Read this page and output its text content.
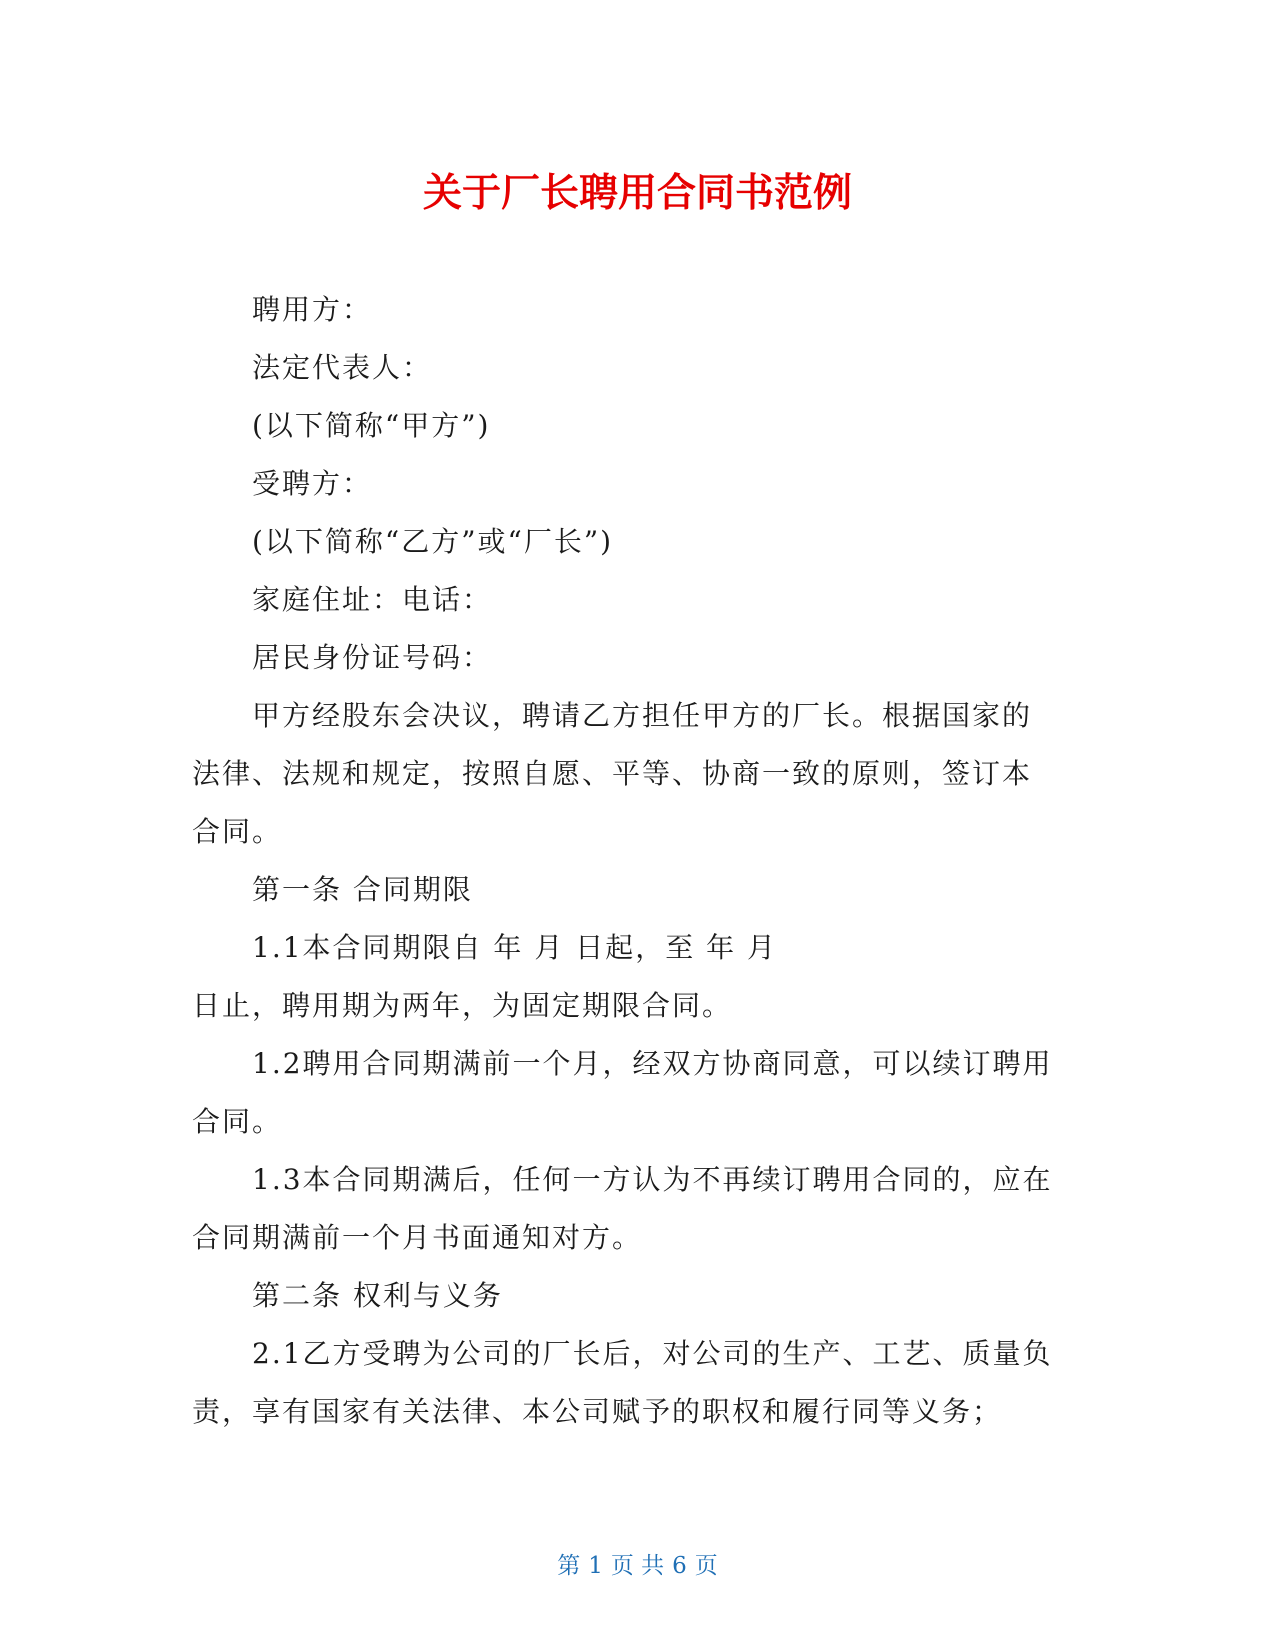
关于厂长聘用合同书范例
聘用方：
法定代表人：
(以下简称“甲方”)
受聘方：
(以下简称“乙方”或“厂长”)
家庭住址：电话：
居民身份证号码：
甲方经股东会决议，聘请乙方担任甲方的厂长。根据国家的
法律、法规和规定，按照自愿、平等、协商一致的原则，签订本
合同。
第一条 合同期限
1.1本合同期限自 年 月 日起，至 年 月
日止，聘用期为两年，为固定期限合同。
1.2聘用合同期满前一个月，经双方协商同意，可以续订聘用
合同。
1.3本合同期满后，任何一方认为不再续订聘用合同的，应在
合同期满前一个月书面通知对方。
第二条 权利与义务
2.1乙方受聘为公司的厂长后，对公司的生产、工艺、质量负
责，享有国家有关法律、本公司赋予的职权和履行同等义务；
第 1 页 共 6 页
